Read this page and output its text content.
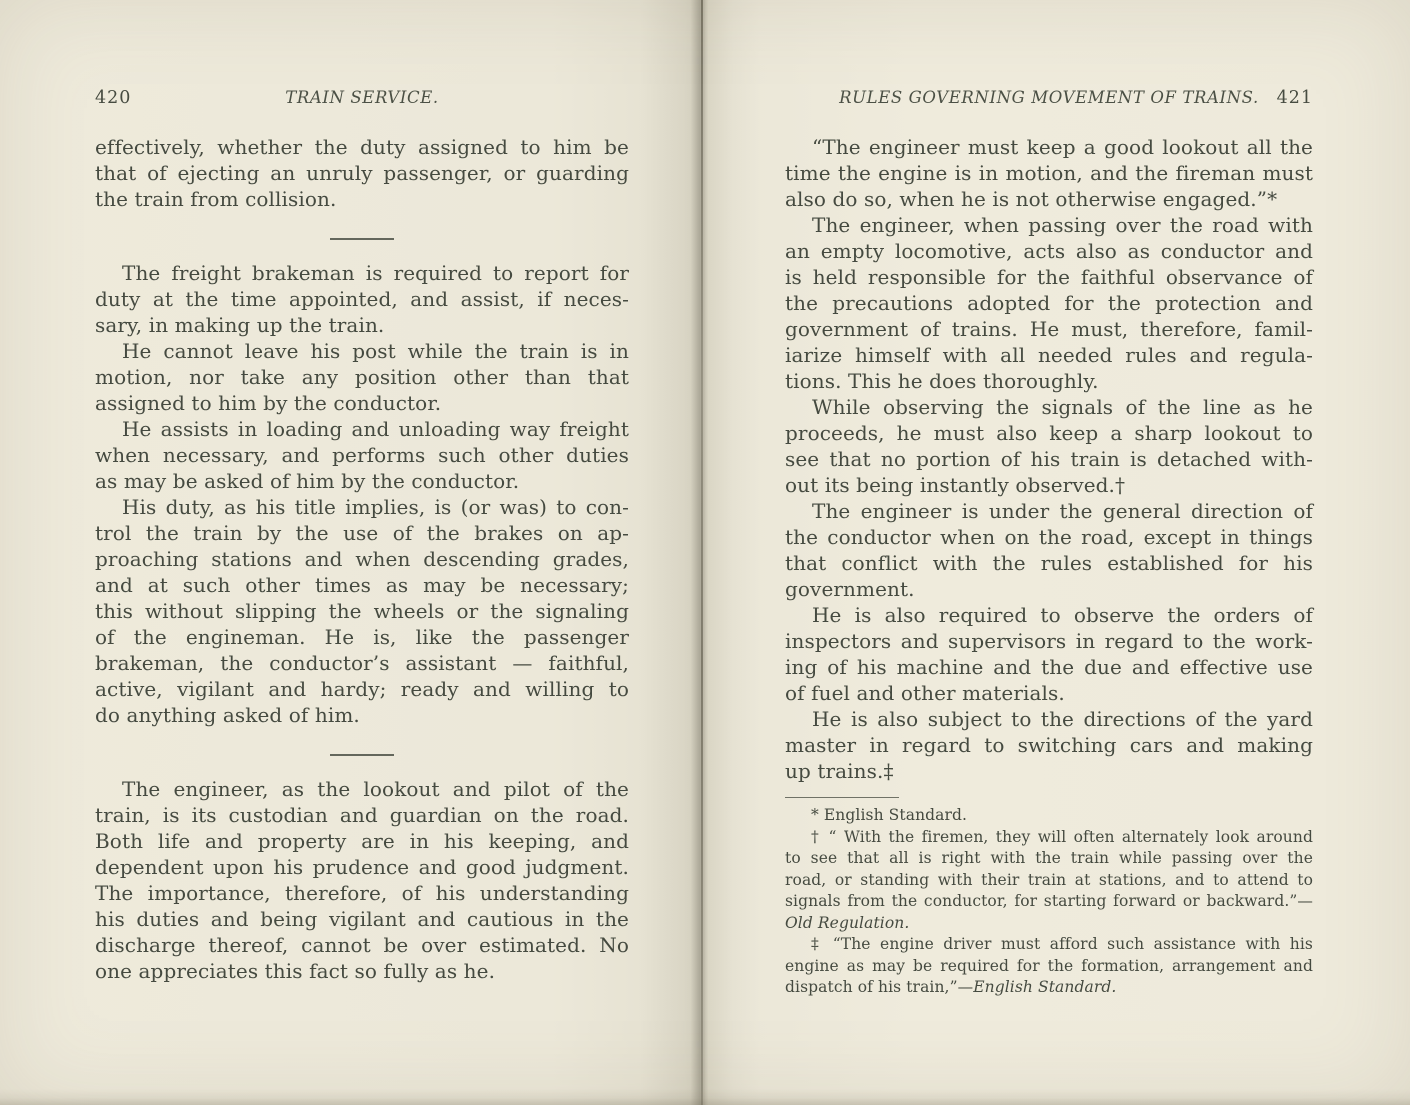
420	TRAIN SERVICE.
effectively, whether the duty assigned to him be
that of ejecting an unruly passenger, or guarding
the train from collision.
The freight brakeman is required to report for
duty at the time appointed, and assist, if neces-
sary, in making up the train.
He cannot leave his post while the train is in
motion, nor take any position other than that
assigned to him by the conductor.
He assists in loading and unloading way freight
when necessary, and performs such other duties
as may be asked of him by the conductor.
His duty, as his title implies, is (or was) to con-
trol the train by the use of the brakes on ap-
proaching stations and when descending grades,
and at such other times as may be necessary;
this without slipping the wheels or the signaling
of the engineman. He is, like the passenger
brakeman, the conductor’s assistant — faithful,
active, vigilant and hardy; ready and willing to
do anything asked of him.
The engineer, as the lookout and pilot of the
train, is its custodian and guardian on the road.
Both life and property are in his keeping, and
dependent upon his prudence and good judgment.
The importance, therefore, of his understanding
his duties and being vigilant and cautious in the
discharge thereof, cannot be over estimated. No
one appreciates this fact so fully as he.
421
RULES GOVERNING MOVEMENT OF TRAINS.
“The engineer must keep a good lookout all the
time the engine is in motion, and the fireman must
also do so, when he is not otherwise engaged.”*
The engineer, when passing over the road with
an empty locomotive, acts also as conductor and
is held responsible for the faithful observance of
the precautions adopted for the protection and
government of trains. He must, therefore, famil-
iarize himself with all needed rules and regula-
tions. This he does thoroughly.
While observing the signals of the line as he
proceeds, he must also keep a sharp lookout to
see that no portion of his train is detached with-
out its being instantly observed.†
The engineer is under the general direction of
the conductor when on the road, except in things
that conflict with the rules established for his
government.
He is also required to observe the orders of
inspectors and supervisors in regard to the work-
ing of his machine and the due and effective use
of fuel and other materials.
He is also subject to the directions of the yard
master in regard to switching cars and making
up trains.‡
* English Standard.
† “ With the firemen, they will often alternately look around
to see that all is right with the train while passing over the
road, or standing with their train at stations, and to attend to
signals from the conductor, for starting forward or backward.”—
Old Regulation.
‡ “The engine driver must afford such assistance with his
engine as may be required for the formation, arrangement and
dispatch of his train,”—English Standard.
